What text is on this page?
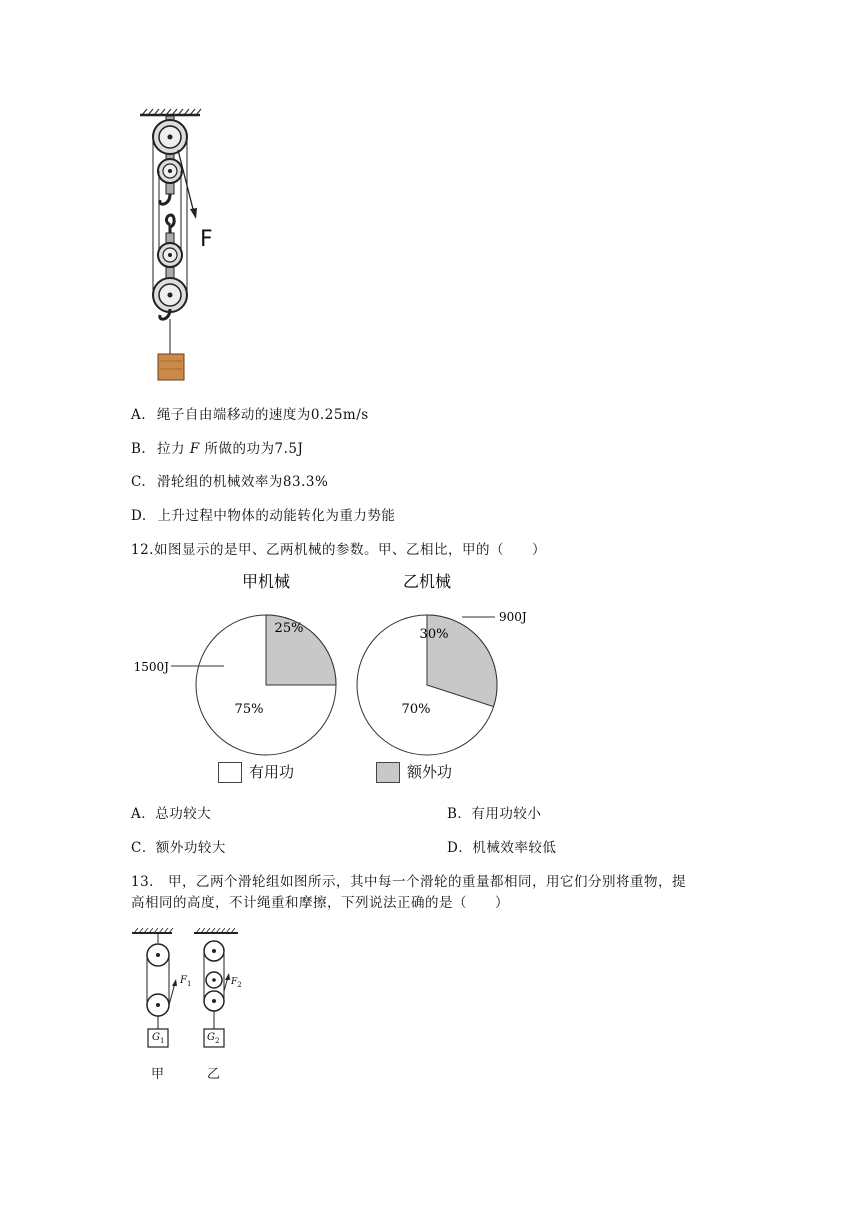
F
A. 绳子自由端移动的速度为0.25m/s
B. 拉力 F 所做的功为7.5J
C. 滑轮组的机械效率为83.3%
D. 上升过程中物体的动能转化为重力势能
12.如图显示的是甲、乙两机械的参数。甲、乙相比，甲的（　　）
甲机械
25%
75%
1500J
乙机械
30%
70%
900J
有用功	额外功
A．总功较大	B．有用功较小
C．额外功较大	D．机械效率较低
13.　甲，乙两个滑轮组如图所示，其中每一个滑轮的重量都相同，用它们分别将重物，提
高相同的高度，不计绳重和摩擦，下列说法正确的是（　　）
$F_1$
$G_1$
$F_2$
$G_2$
甲	乙
